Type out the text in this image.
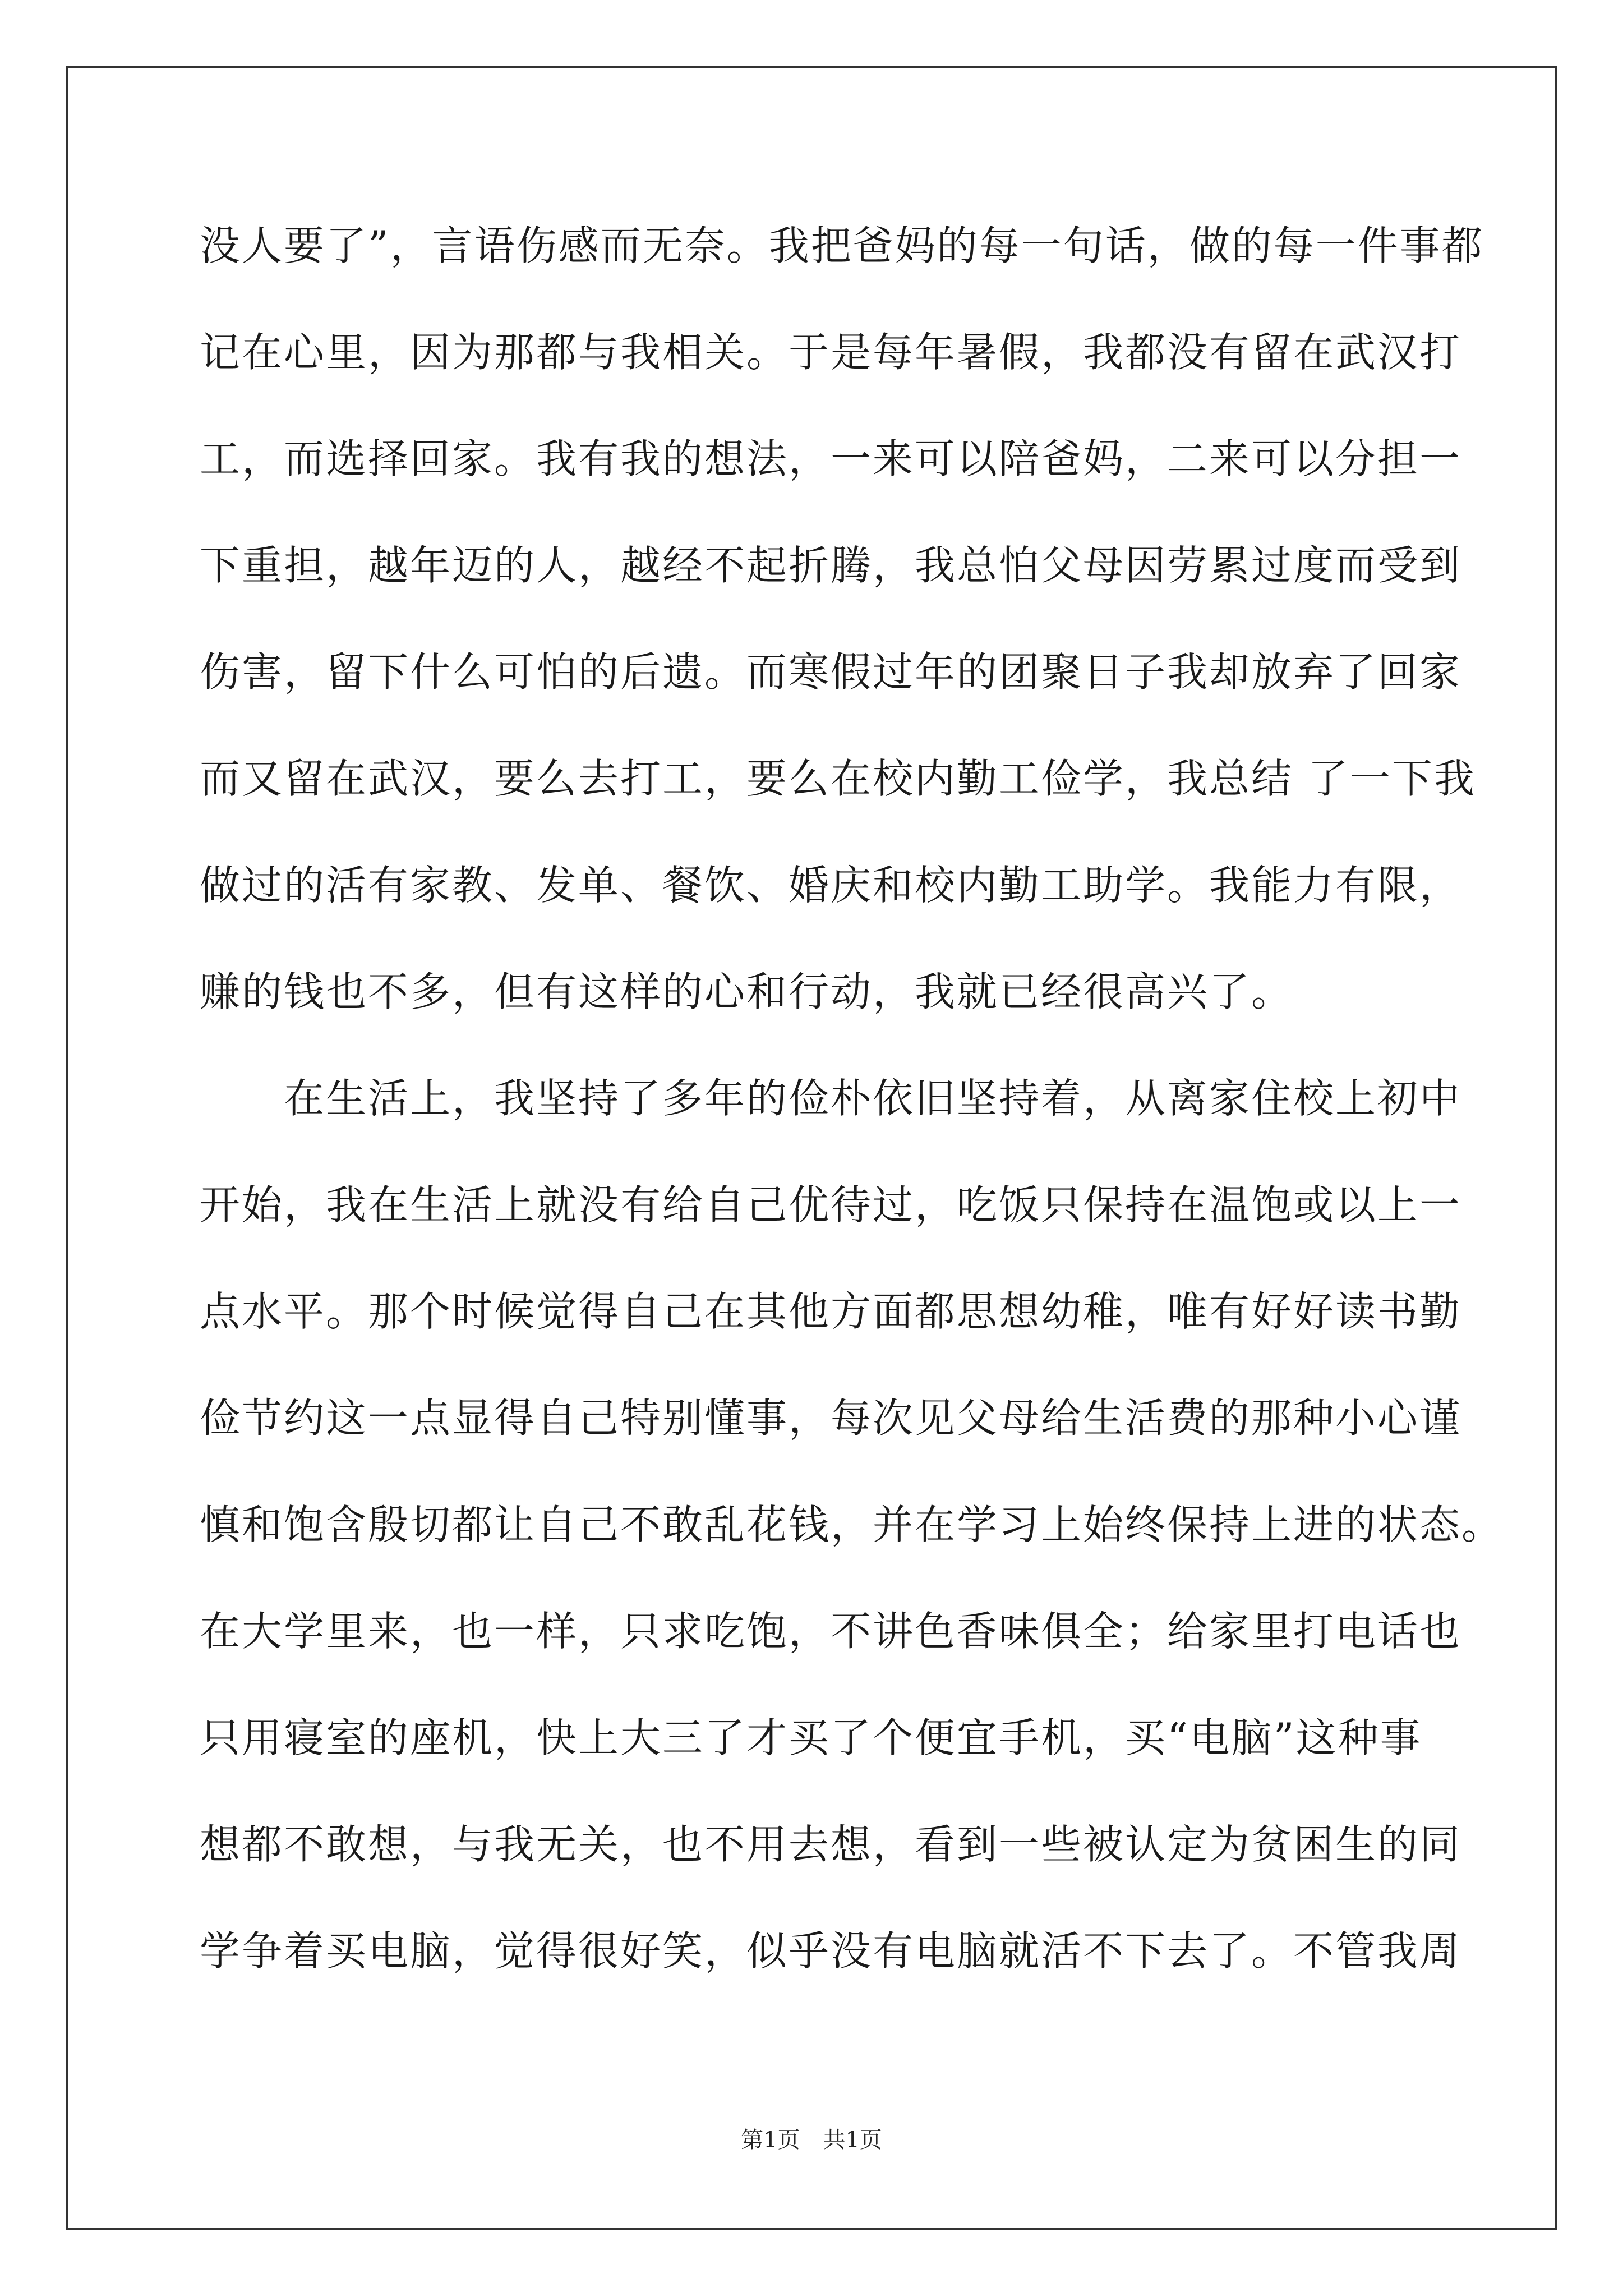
没人要了”，言语伤感而无奈。我把爸妈的每一句话，做的每一件事都
记在心里，因为那都与我相关。于是每年暑假，我都没有留在武汉打
工，而选择回家。我有我的想法，一来可以陪爸妈，二来可以分担一
下重担，越年迈的人，越经不起折腾，我总怕父母因劳累过度而受到
伤害，留下什么可怕的后遗。而寒假过年的团聚日子我却放弃了回家
而又留在武汉，要么去打工，要么在校内勤工俭学，我总结 了一下我
做过的活有家教、发单、餐饮、婚庆和校内勤工助学。我能力有限，
赚的钱也不多，但有这样的心和行动，我就已经很高兴了。
　　在生活上，我坚持了多年的俭朴依旧坚持着，从离家住校上初中
开始，我在生活上就没有给自己优待过，吃饭只保持在温饱或以上一
点水平。那个时候觉得自己在其他方面都思想幼稚，唯有好好读书勤
俭节约这一点显得自己特别懂事，每次见父母给生活费的那种小心谨
慎和饱含殷切都让自己不敢乱花钱，并在学习上始终保持上进的状态。
在大学里来，也一样，只求吃饱，不讲色香味俱全；给家里打电话也
只用寝室的座机，快上大三了才买了个便宜手机，买“电脑”这种事
想都不敢想，与我无关，也不用去想，看到一些被认定为贫困生的同
学争着买电脑，觉得很好笑，似乎没有电脑就活不下去了。不管我周
第1页 共1页
